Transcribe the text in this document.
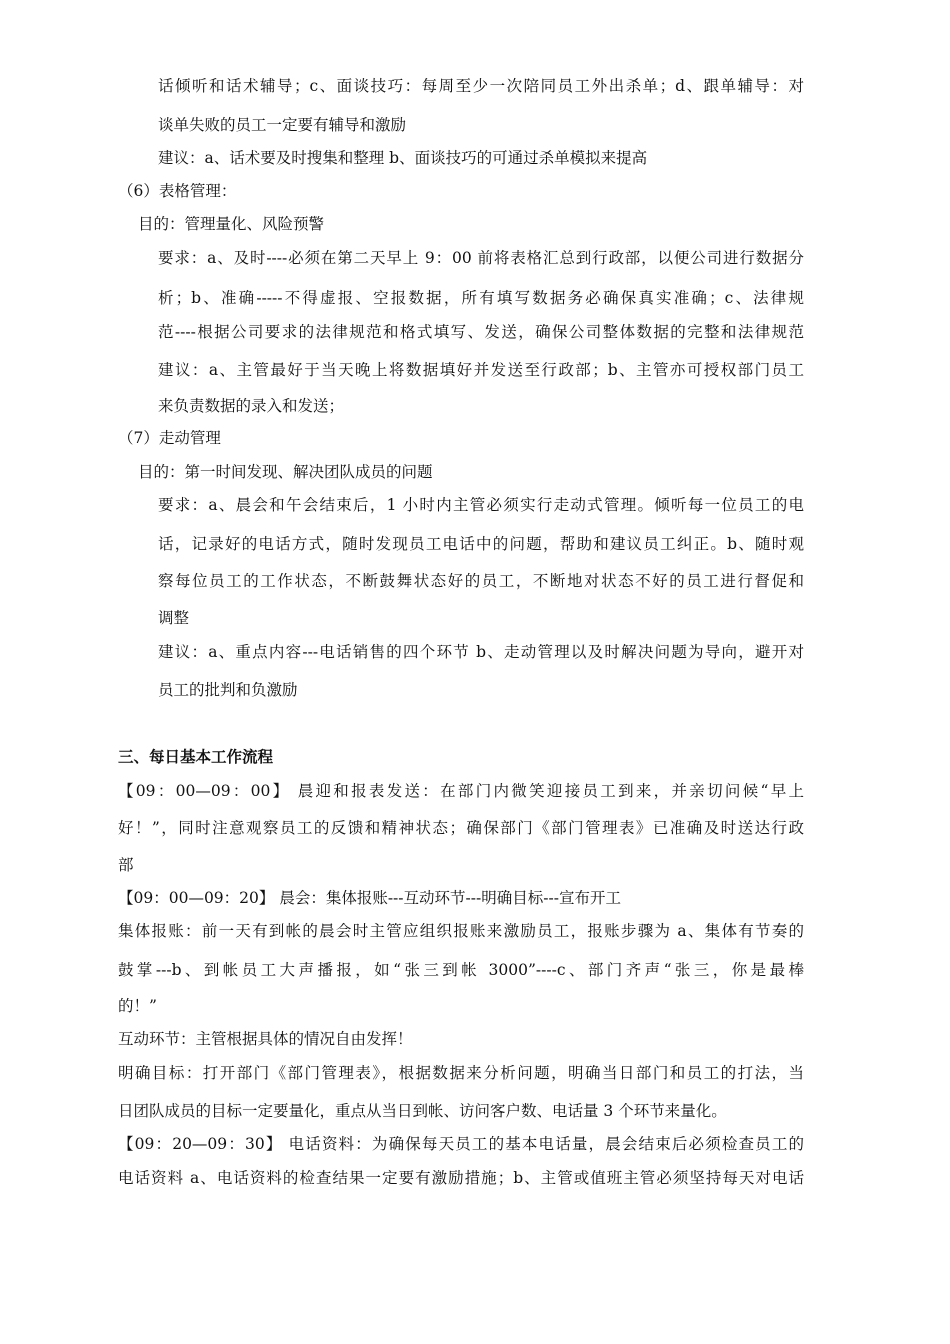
话倾听和话术辅导；c、面谈技巧：每周至少一次陪同员工外出杀单；d、跟单辅导：对
谈单失败的员工一定要有辅导和激励
建议：a、话术要及时搜集和整理 b、面谈技巧的可通过杀单模拟来提高
（6）表格管理：
目的：管理量化、风险预警
要求：a、及时----必须在第二天早上 9：00 前将表格汇总到行政部，以便公司进行数据分
析；b、准确-----不得虚报、空报数据，所有填写数据务必确保真实准确；c、法律规
范----根据公司要求的法律规范和格式填写、发送，确保公司整体数据的完整和法律规范
建议：a、主管最好于当天晚上将数据填好并发送至行政部；b、主管亦可授权部门员工
来负责数据的录入和发送；
（7）走动管理
目的：第一时间发现、解决团队成员的问题
要求：a、晨会和午会结束后，1 小时内主管必须实行走动式管理。倾听每一位员工的电
话，记录好的电话方式，随时发现员工电话中的问题，帮助和建议员工纠正。b、随时观
察每位员工的工作状态，不断鼓舞状态好的员工，不断地对状态不好的员工进行督促和
调整
建议：a、重点内容---电话销售的四个环节 b、走动管理以及时解决问题为导向，避开对
员工的批判和负激励
三、每日基本工作流程
【09：00—09：00】 晨迎和报表发送：在部门内微笑迎接员工到来，并亲切问候“早上
好！”，同时注意观察员工的反馈和精神状态；确保部门《部门管理表》已准确及时送达行政
部
【09：00—09：20】 晨会：集体报账---互动环节---明确目标---宣布开工
集体报账：前一天有到帐的晨会时主管应组织报账来激励员工，报账步骤为 a、集体有节奏的
鼓掌---b、到帐员工大声播报，如“张三到帐 3000”----c、部门齐声“张三，你是最棒
的！”
互动环节：主管根据具体的情况自由发挥！
明确目标：打开部门《部门管理表》，根据数据来分析问题，明确当日部门和员工的打法，当
日团队成员的目标一定要量化，重点从当日到帐、访问客户数、电话量 3 个环节来量化。
【09：20—09：30】 电话资料：为确保每天员工的基本电话量，晨会结束后必须检查员工的
电话资料 a、电话资料的检查结果一定要有激励措施；b、主管或值班主管必须坚持每天对电话
